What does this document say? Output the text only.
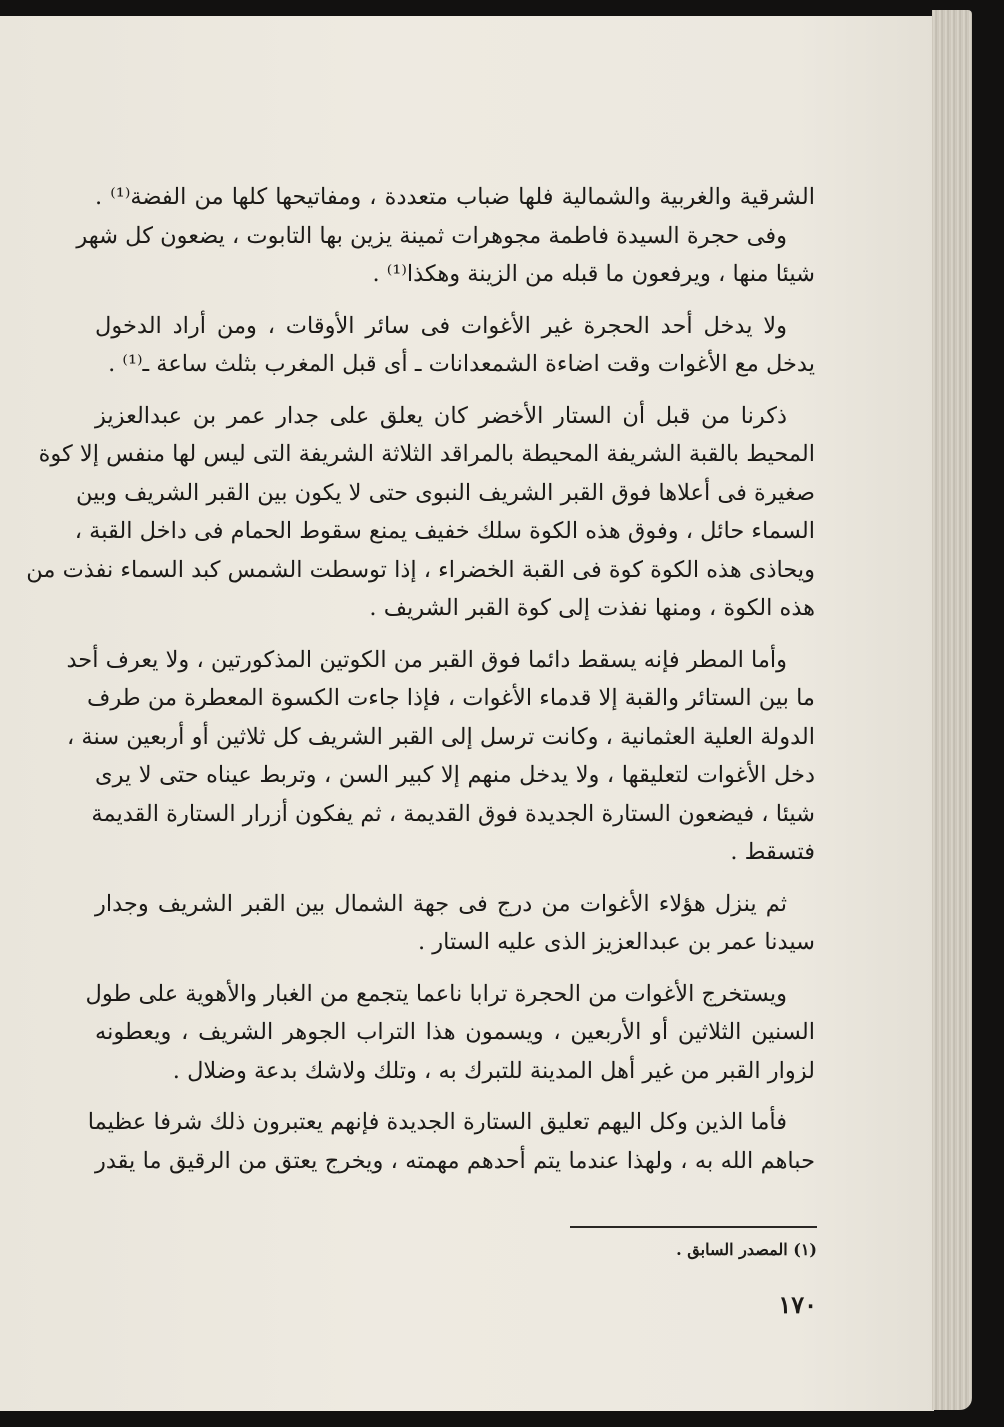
الشرقية والغربية والشمالية فلها ضباب متعددة ، ومفاتيحها كلها من الفضة⁽¹⁾ .
وفى حجرة السيدة فاطمة مجوهرات ثمينة يزين بها التابوت ، يضعون كل شهر
شيئا منها ، ويرفعون ما قبله من الزينة وهكذا⁽¹⁾ .

ولا يدخل أحد الحجرة غير الأغوات فى سائر الأوقات ، ومن أراد الدخول
يدخل مع الأغوات وقت اضاءة الشمعدانات ـ أى قبل المغرب بثلث ساعة ـ⁽¹⁾ .

ذكرنا من قبل أن الستار الأخضر كان يعلق على جدار عمر بن عبدالعزيز
المحيط بالقبة الشريفة المحيطة بالمراقد الثلاثة الشريفة التى ليس لها منفس إلا كوة
صغيرة فى أعلاها فوق القبر الشريف النبوى حتى لا يكون بين القبر الشريف وبين
السماء حائل ، وفوق هذه الكوة سلك خفيف يمنع سقوط الحمام فى داخل القبة ،
ويحاذى هذه الكوة كوة فى القبة الخضراء ، إذا توسطت الشمس كبد السماء نفذت من
هذه الكوة ، ومنها نفذت إلى كوة القبر الشريف .

وأما المطر فإنه يسقط دائما فوق القبر من الكوتين المذكورتين ، ولا يعرف أحد
ما بين الستائر والقبة إلا قدماء الأغوات ، فإذا جاءت الكسوة المعطرة من طرف
الدولة العلية العثمانية ، وكانت ترسل إلى القبر الشريف كل ثلاثين أو أربعين سنة ،
دخل الأغوات لتعليقها ، ولا يدخل منهم إلا كبير السن ، وتربط عيناه حتى لا يرى
شيئا ، فيضعون الستارة الجديدة فوق القديمة ، ثم يفكون أزرار الستارة القديمة
فتسقط .

ثم ينزل هؤلاء الأغوات من درج فى جهة الشمال بين القبر الشريف وجدار
سيدنا عمر بن عبدالعزيز الذى عليه الستار .

ويستخرج الأغوات من الحجرة ترابا ناعما يتجمع من الغبار والأهوية على طول
السنين الثلاثين أو الأربعين ، ويسمون هذا التراب الجوهر الشريف ، ويعطونه
لزوار القبر من غير أهل المدينة للتبرك به ، وتلك ولاشك بدعة وضلال .

فأما الذين وكل اليهم تعليق الستارة الجديدة فإنهم يعتبرون ذلك شرفا عظيما
حباهم الله به ، ولهذا عندما يتم أحدهم مهمته ، ويخرج يعتق من الرقيق ما يقدر

(١) المصدر السابق .
١٧٠
